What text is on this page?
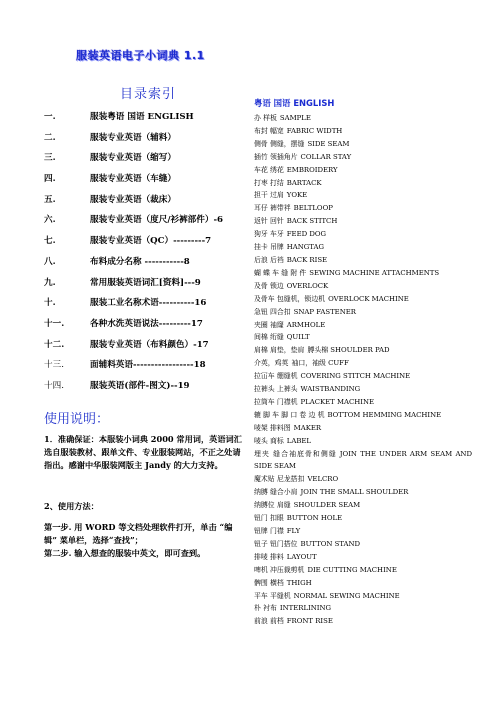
服装英语电子小词典 1.1
目录索引
一.	服装粤语 国语 ENGLISH
二.	服装专业英语（辅料）
三.	服装专业英语（缩写）
四.	服装专业英语（车缝）
五.	服装专业英语（裁床）
六.	服装专业英语（度尺/衫裤部件）-6
七.	服装专业英语（QC）---------7
八.	布料成分名称 -----------8
九.	常用服装英语词汇[资料]---9
十.	服装工业名称术语----------16
十一.	各种水洗英语说法---------17
十二.	服装专业英语（布料颜色）-17
十三.	面辅料英语-----------------18
十四.	服装英语(部件-图文)--19
使用说明：
1．准确保证：本服装小词典 2000 常用词，英语词汇选自服装教材、跟单文件、专业服装网站，不正之处请指出。感谢中华服装网版主 Jandy 的大力支持。
2、使用方法：
第一步. 用 WORD 等文档处理软件打开，单击 “编辑” 菜单栏，选择“查找”；
第二步. 输入想查的服装中英文，即可查到。
粤语 国语 ENGLISH
办 样板 SAMPLE
布封 幅宽 FABRIC WIDTH
侧骨 侧缝，摆缝 SIDE SEAM
插竹 领插角片 COLLAR STAY
车花 绣花 EMBROIDERY
打枣 打结 BARTACK
担干 过肩 YOKE
耳仔 裤带袢 BELTLOOP
返针 回针 BACK STITCH
狗牙 车牙 FEED DOG
挂卡 吊牌 HANGTAG
后浪 后裆 BACK RISE
蝴 蝶 车 缝 附 件 SEWING MACHINE ATTACHMENTS
及骨 锁边 OVERLOCK
及骨车 包缝机，锁边机 OVERLOCK MACHINE
急钮 四合扣 SNAP FASTENER
夹圈 袖窿 ARMHOLE
间棉 绗缝 QUILT
肩棉 肩垫，垫肩 膊头棉 SHOULDER PAD
介英，鸡英 袖口，袖级 CUFF
拉冚车 绷缝机 COVERING STITCH MACHINE
拉裤头 上裤头 WAISTBANDING
拉筒车 门襟机 PLACKET MACHINE
辘 脚 车 脚 口 卷 边 机 BOTTOM HEMMING MACHINE
唛架 排料图 MAKER
唛头 商标 LABEL
埋夹 缝合袖底骨和侧缝 JOIN THE UNDER ARM SEAM AND SIDE SEAM
魔术贴 尼龙搭扣 VELCRO
纳膊 缝合小肩 JOIN THE SMALL SHOULDER
纳膊位 肩缝 SHOULDER SEAM
钮门 扣眼 BUTTON HOLE
钮牌 门襟 FLY
钮子 钮门搭位 BUTTON STAND
排唛 排料 LAYOUT
啤机 冲压裁剪机 DIE CUTTING MACHINE
髀围 横档 THIGH
平车 平缝机 NORMAL SEWING MACHINE
朴 衬布 INTERLINING
前浪 前档 FRONT RISE
